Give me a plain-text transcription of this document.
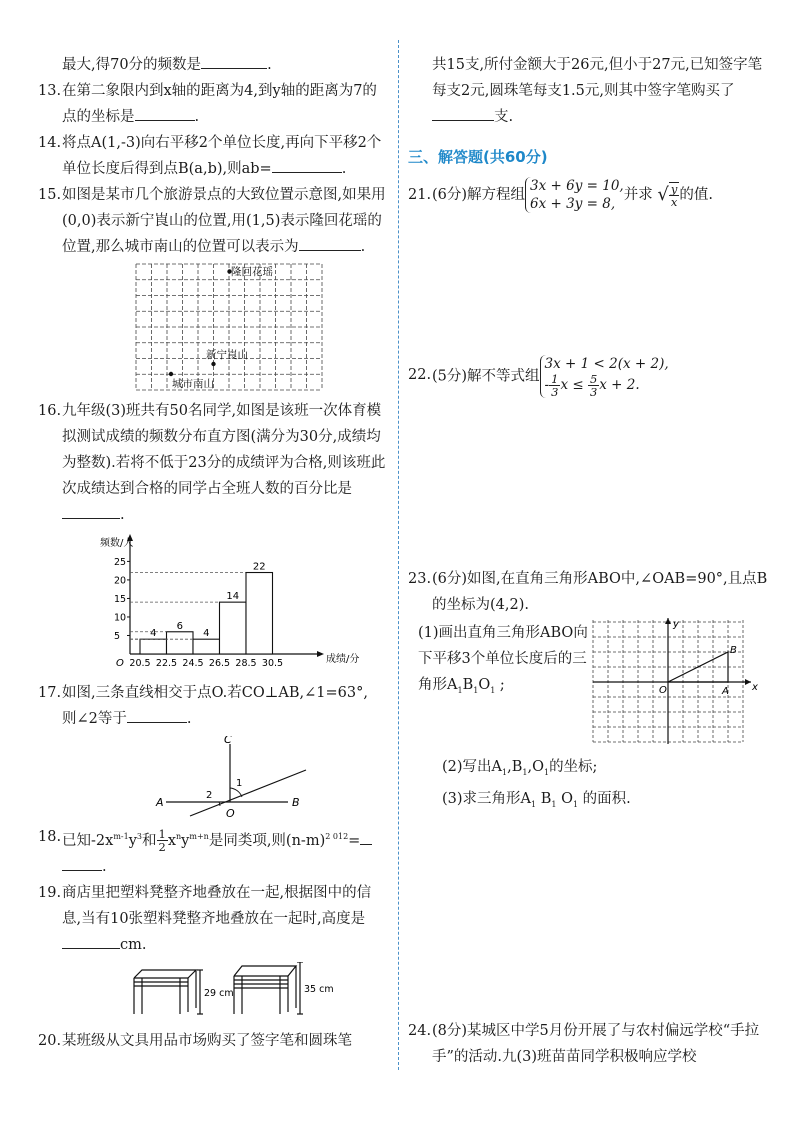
最大,得70分的频数是	.

13. 在第二象限内到x轴的距离为4,到y轴的距离为7的点的坐标是	.
14. 将点A(1,-3)向右平移2个单位长度,再向下平移2个单位长度后得到点B(a,b),则ab=	.
15. 如图是某市几个旅游景点的大致位置示意图,如果用(0,0)表示新宁崀山的位置,用(1,5)表示隆回花瑶的位置,那么城市南山的位置可以表示为	.
隆回花瑶
新宁崀山
城市南山
16. 九年级(3)班共有50名同学,如图是该班一次体育模拟测试成绩的频数分布直方图(满分为30分,成绩均为整数).若将不低于23分的成绩评为合格,则该班此次成绩达到合格的同学占全班人数的百分比是.
频数/人
成绩/分
O
5
10
15
20
25
4
6
4
14
22
20.5 22.5 24.5 26.5 28.5 30.5
17. 如图,三条直线相交于点O.若CO⊥AB,∠1=63°,
则∠2等于	.
C
A	B
O
1
2
18. 已知$-2x^{m-1}y^3$和 $\frac{1}{2} x^ny^{m+n}$是同类项,则$(n-m)^{2 012}=$
.
19. 商店里把塑料凳整齐地叠放在一起,根据图中的信息,当有10张塑料凳整齐地叠放在一起时,高度是cm.
29 cm	35 cm
20. 某班级从文具用品市场购买了签字笔和圆珠笔

共15支,所付金额大于26元,但小于27元,已知签字笔每支2元,圆珠笔每支1.5元,则其中签字笔购买了支.

三、解答题(共60分)
21. (6分)解方程组3x + 6y = 10,
6x + 3y = 8,并求 √ $\frac{y}{x}$ 的值.
22. (5分)解不等式组3x + 1 < 2(x + 2),
- $\frac{1}{3}$ $x \le \frac{5}{3}$ x + 2.
23. (6分)如图,在直角三角形ABO中,∠OAB=90°,且点B的坐标为(4,2).
(1)画出直角三角形ABO向下平移3个单位长度后的三角形$A_1B_1O_1$ ;
y
x
O	A
B
(2)写出$A_1,B_1,O_1$的坐标;
(3)求三角形$A_1$ $B_1$ $O_1$ 的面积.
24. (8分)某城区中学5月份开展了与农村偏远学校“手拉手”的活动.九(3)班苗苗同学积极响应学校
